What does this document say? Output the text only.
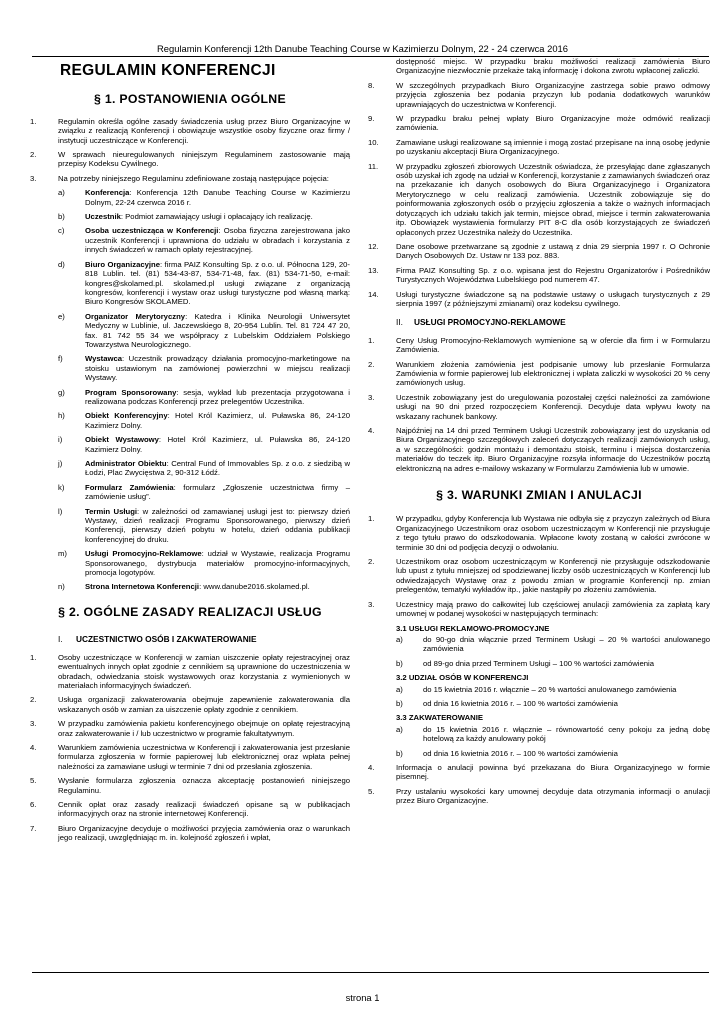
Regulamin Konferencji 12th Danube Teaching Course w Kazimierzu Dolnym, 22 - 24 czerwca 2016
REGULAMIN KONFERENCJI
§ 1. POSTANOWIENIA OGÓLNE
1.	Regulamin określa ogólne zasady świadczenia usług przez Biuro Organizacyjne w związku z realizacją Konferencji i obowiązuje wszystkie osoby fizyczne oraz firmy / instytucji uczestniczące w Konferencji.
2.	W sprawach nieuregulowanych niniejszym Regulaminem zastosowanie mają przepisy Kodeksu Cywilnego.
3.	Na potrzeby niniejszego Regulaminu zdefiniowane zostają następujące pojęcia:
a)	Konferencja: Konferencja 12th Danube Teaching Course w Kazimierzu Dolnym, 22-24 czerwca 2016 r.
b)	Uczestnik: Podmiot zamawiający usługi i opłacający ich realizację.
c)	Osoba uczestnicząca w Konferencji: Osoba fizyczna zarejestrowana jako uczestnik Konferencji i uprawniona do udziału w obradach i korzystania z innych świadczeń w ramach opłaty rejestracyjnej.
d)	Biuro Organizacyjne: firma PAIZ Konsulting Sp. z o.o. ul. Północna 129, 20-818 Lublin. tel. (81) 534-43-87, 534-71-48, fax. (81) 534-71-50, e-mail: kongres@skolamed.pl. skolamed.pl usługi związane z organizacją kongresów, konferencji i wystaw oraz usługi turystyczne pod własną marką: Biuro Kongresów SKOLAMED.
e)	Organizator Merytoryczny: Katedra i Klinika Neurologii Uniwersytet Medyczny w Lublinie, ul. Jaczewskiego 8, 20-954 Lublin. Tel. 81 724 47 20, fax. 81 742 55 34 we współpracy z Lubelskim Oddziałem Polskiego Towarzystwa Neurologicznego.
f)	Wystawca: Uczestnik prowadzący działania promocyjno-marketingowe na stoisku ustawionym na zamówionej powierzchni w miejscu realizacji Wystawy.
g)	Program Sponsorowany: sesja, wykład lub prezentacja przygotowana i realizowana podczas Konferencji przez prelegentów Uczestnika.
h)	Obiekt Konferencyjny: Hotel Król Kazimierz, ul. Puławska 86, 24-120 Kazimierz Dolny.
i)	Obiekt Wystawowy: Hotel Król Kazimierz, ul. Puławska 86, 24-120 Kazimierz Dolny.
j)	Administrator Obiektu: Central Fund of Immovables Sp. z o.o. z siedzibą w Łodzi, Plac Zwycięstwa 2, 90-312 Łódź.
k)	Formularz Zamówienia: formularz „Zgłoszenie uczestnictwa firmy – zamówienie usług”.
l)	Termin Usługi: w zależności od zamawianej usługi jest to: pierwszy dzień Wystawy, dzień realizacji Programu Sponsorowanego, pierwszy dzień Konferencji, pierwszy dzień pobytu w hotelu, dzień oddania publikacji konferencyjnej do druku.
m)	Usługi Promocyjno-Reklamowe: udział w Wystawie, realizacja Programu Sponsorowanego, dystrybucja materiałów promocyjno-informacyjnych, promocja logotypów.
n)	Strona Internetowa Konferencji: www.danube2016.skolamed.pl.
§ 2. OGÓLNE ZASADY REALIZACJI USŁUG
I. UCZESTNICTWO OSÓB I ZAKWATEROWANIE
1.	Osoby uczestniczące w Konferencji w zamian uiszczenie opłaty rejestracyjnej oraz ewentualnych innych opłat zgodnie z cennikiem są uprawnione do uczestniczenia w obradach, odwiedzania stoisk wystawowych oraz korzystania z wymienionych w materiałach informacyjnych świadczeń.
2.	Usługa organizacji zakwaterowania obejmuje zapewnienie zakwaterowania dla wskazanych osób w zamian za uiszczenie opłaty zgodnie z cennikiem.
3.	W przypadku zamówienia pakietu konferencyjnego obejmuje on opłatę rejestracyjną oraz zakwaterowanie i / lub uczestnictwo w programie fakultatywnym.
4.	Warunkiem zamówienia uczestnictwa w Konferencji i zakwaterowania jest przesłanie formularza zgłoszenia w formie papierowej lub elektronicznej oraz wpłata pełnej należności za zamawiane usługi w terminie 7 dni od przesłania zgłoszenia.
5.	Wysłanie formularza zgłoszenia oznacza akceptację postanowień niniejszego Regulaminu.
6.	Cennik opłat oraz zasady realizacji świadczeń opisane są w publikacjach informacyjnych oraz na stronie internetowej Konferencji.
7.	Biuro Organizacyjne decyduje o możliwości przyjęcia zamówienia oraz o warunkach jego realizacji, uwzględniając m. in. kolejność zgłoszeń i wpłat,
dostępność miejsc. W przypadku braku możliwości realizacji zamówienia Biuro Organizacyjne niezwłocznie przekaże taką informację i dokona zwrotu wpłaconej zaliczki.
8.	W szczególnych przypadkach Biuro Organizacyjne zastrzega sobie prawo odmowy przyjęcia zgłoszenia bez podania przyczyn lub podania dodatkowych warunków uprawniających do uczestnictwa w Konferencji.
9.	W przypadku braku pełnej wpłaty Biuro Organizacyjne może odmówić realizacji zamówienia.
10.	Zamawiane usługi realizowane są imiennie i mogą zostać przepisane na inną osobę jedynie po uzyskaniu akceptacji Biura Organizacyjnego.
11.	W przypadku zgłoszeń zbiorowych Uczestnik oświadcza, że przesyłając dane zgłaszanych osób uzyskał ich zgodę na udział w Konferencji, korzystanie z zamawianych świadczeń oraz na przekazanie ich danych osobowych do Biura Organizacyjnego i Organizatora Merytorycznego w celu realizacji zamówienia. Uczestnik zobowiązuje się do poinformowania zgłoszonych osób o przyjęciu zgłoszenia a także o ważnych informacjach dotyczących ich udziału takich jak termin, miejsce obrad, miejsce i termin zakwaterowania itp. Obowiązek wystawienia formularzy PIT 8-C dla osób korzystających ze świadczeń opłaconych przez Uczestnika należy do Uczestnika.
12.	Dane osobowe przetwarzane są zgodnie z ustawą z dnia 29 sierpnia 1997 r. O Ochronie Danych Osobowych Dz. Ustaw nr 133 poz. 883.
13.	Firma PAIZ Konsulting Sp. z o.o. wpisana jest do Rejestru Organizatorów i Pośredników Turystycznych Województwa Lubelskiego pod numerem 47.
14.	Usługi turystyczne świadczone są na podstawie ustawy o usługach turystycznych z 29 sierpnia 1997 (z późniejszymi zmianami) oraz kodeksu cywilnego.
II. USŁUGI PROMOCYJNO-REKLAMOWE
1.	Ceny Usług Promocyjno-Reklamowych wymienione są w ofercie dla firm i w Formularzu Zamówienia.
2.	Warunkiem złożenia zamówienia jest podpisanie umowy lub przesłanie Formularza Zamówienia w formie papierowej lub elektronicznej i wpłata zaliczki w wysokości 20 % ceny zamówionych usług.
3.	Uczestnik zobowiązany jest do uregulowania pozostałej części należności za zamówione usługi na 90 dni przed rozpoczęciem Konferencji. Decyduje data wpływu kwoty na wskazany rachunek bankowy.
4.	Najpóźniej na 14 dni przed Terminem Usługi Uczestnik zobowiązany jest do uzyskania od Biura Organizacyjnego szczegółowych zaleceń dotyczących realizacji zamówionych usług, a w szczególności: godzin montażu i demontażu stoisk, terminu i miejsca dostarczenia materiałów do teczek itp. Biuro Organizacyjne rozsyła informacje do Uczestników pocztą elektroniczną na adres e-mailowy wskazany w Formularzu Zamówienia lub w umowie.
§ 3. WARUNKI ZMIAN I ANULACJI
1.	W przypadku, gdyby Konferencja lub Wystawa nie odbyła się z przyczyn zależnych od Biura Organizacyjnego Uczestnikom oraz osobom uczestniczącym w Konferencji nie przysługuje z tego tytułu prawo do odszkodowania. Wpłacone kwoty zostaną w całości zwrócone w terminie 30 dni od podjęcia decyzji o odwołaniu.
2.	Uczestnikom oraz osobom uczestniczącym w Konferencji nie przysługuje odszkodowanie lub upust z tytułu mniejszej od spodziewanej liczby osób uczestniczących w Konferencji lub odwiedzających Wystawę oraz z powodu zmian w programie Konferencji np. zmian prelegentów, tematyki wykładów itp., jakie nastąpiły po złożeniu zamówienia.
3.	Uczestnicy mają prawo do całkowitej lub częściowej anulacji zamówienia za zapłatą kary umownej w podanej wysokości w następujących terminach:
3.1 USŁUGI REKLAMOWO-PROMOCYJNE
a)	do 90-go dnia włącznie przed Terminem Usługi – 20 % wartości anulowanego zamówienia
b)	od 89-go dnia przed Terminem Usługi – 100 % wartości zamówienia
3.2 UDZIAŁ OSÓB W KONFERENCJI
a)	do 15 kwietnia 2016 r. włącznie – 20 % wartości anulowanego zamówienia
b)	od dnia 16 kwietnia 2016 r. – 100 % wartości zamówienia
3.3 ZAKWATEROWANIE
a)	do 15 kwietnia 2016 r. włącznie – równowartość ceny pokoju za jedną dobę hotelową za każdy anulowany pokój
b)	od dnia 16 kwietnia 2016 r. – 100 % wartości zamówienia
4.	Informacja o anulacji powinna być przekazana do Biura Organizacyjnego w formie pisemnej.
5.	Przy ustalaniu wysokości kary umownej decyduje data otrzymania informacji o anulacji przez Biuro Organizacyjne.
strona 1
